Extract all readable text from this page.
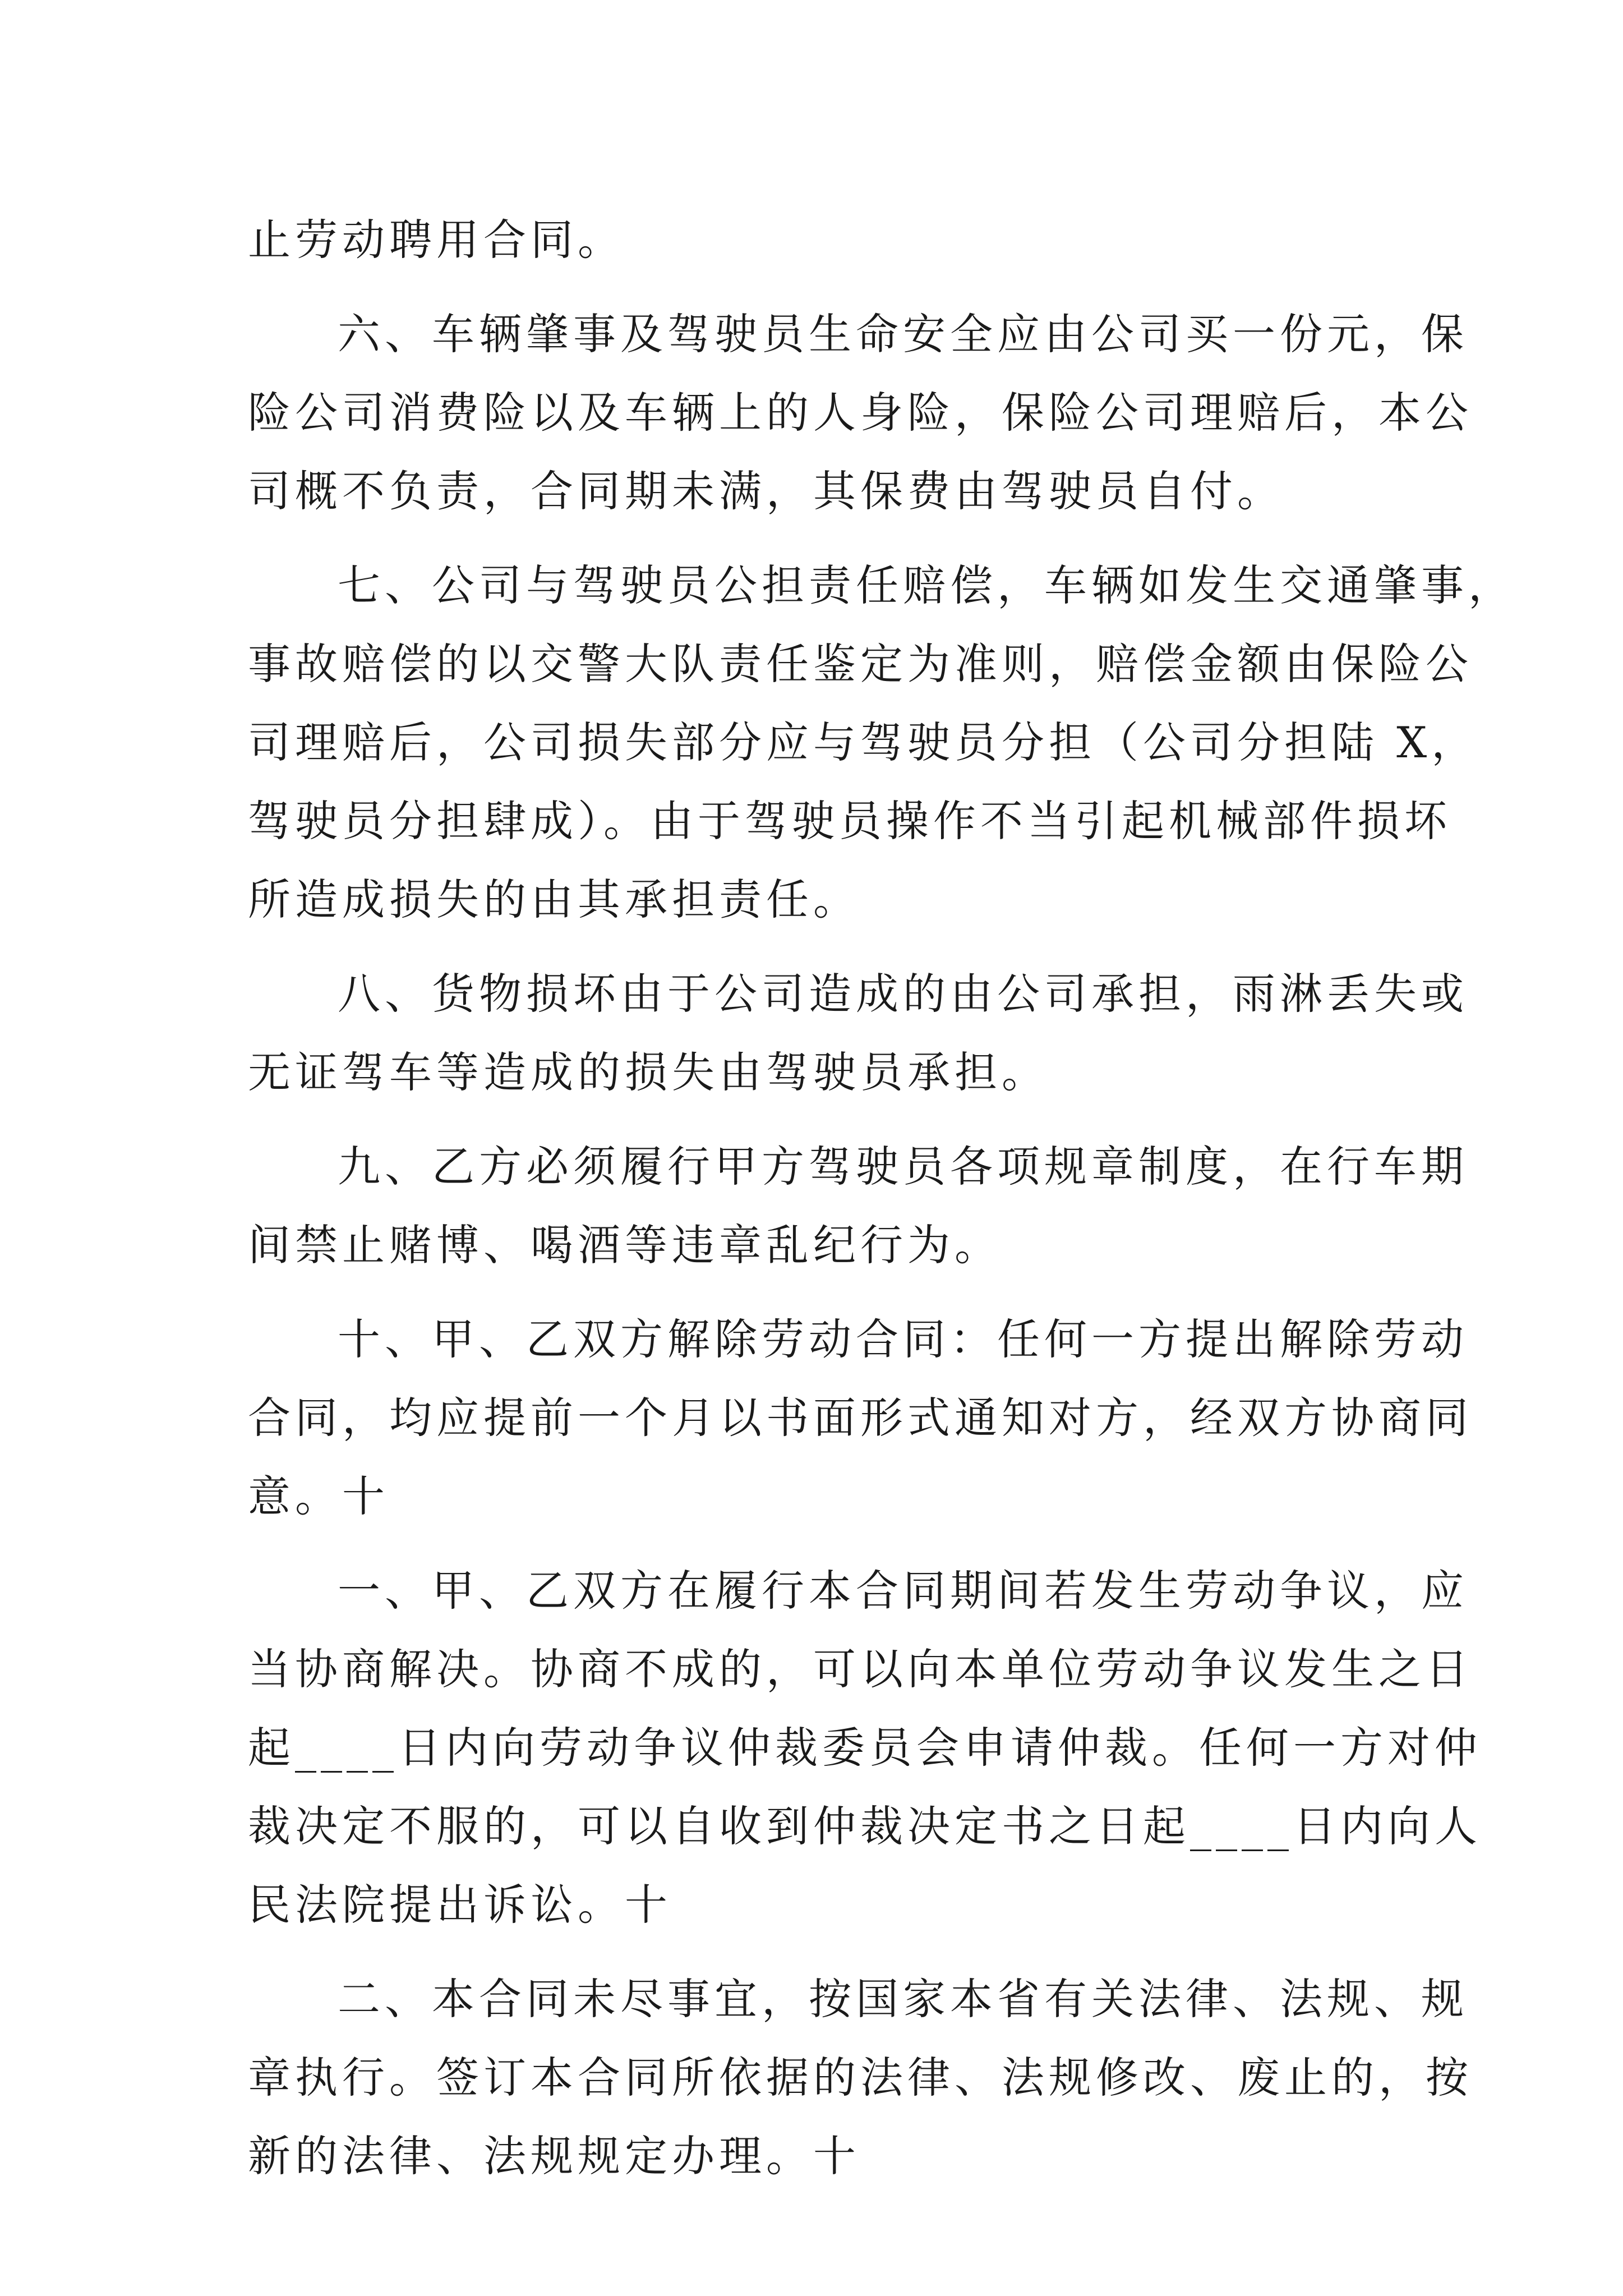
止劳动聘用合同。
六、车辆肇事及驾驶员生命安全应由公司买一份元，保
险公司消费险以及车辆上的人身险，保险公司理赔后，本公
司概不负责，合同期未满，其保费由驾驶员自付。
七、公司与驾驶员公担责任赔偿，车辆如发生交通肇事，
事故赔偿的以交警大队责任鉴定为准则，赔偿金额由保险公
司理赔后，公司损失部分应与驾驶员分担（公司分担陆 X，
驾驶员分担肆成）。由于驾驶员操作不当引起机械部件损坏
所造成损失的由其承担责任。
八、货物损坏由于公司造成的由公司承担，雨淋丢失或
无证驾车等造成的损失由驾驶员承担。
九、乙方必须履行甲方驾驶员各项规章制度，在行车期
间禁止赌博、喝酒等违章乱纪行为。
十、甲、乙双方解除劳动合同：任何一方提出解除劳动
合同，均应提前一个月以书面形式通知对方，经双方协商同
意。十
一、甲、乙双方在履行本合同期间若发生劳动争议，应
当协商解决。协商不成的，可以向本单位劳动争议发生之日
起____日内向劳动争议仲裁委员会申请仲裁。任何一方对仲
裁决定不服的，可以自收到仲裁决定书之日起____日内向人
民法院提出诉讼。十
二、本合同未尽事宜，按国家本省有关法律、法规、规
章执行。签订本合同所依据的法律、法规修改、废止的，按
新的法律、法规规定办理。十
